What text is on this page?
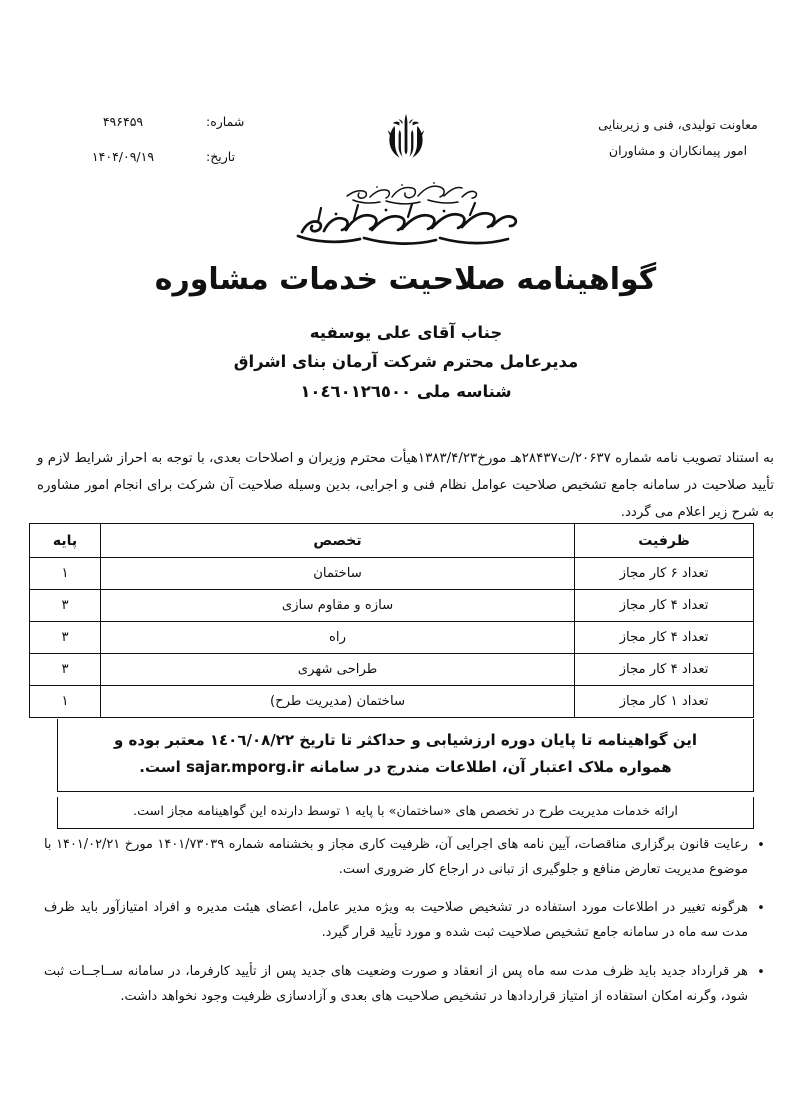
معاونت تولیدی، فنی و زیربنایی
امور پیمانکاران و مشاوران
شماره:
۴۹۶۴۵۹
تاریخ:
۱۴۰۴/۰۹/۱۹
گواهینامه صلاحیت خدمات مشاوره
جناب آقای علی یوسفیه
مدیرعامل محترم شرکت آرمان بنای اشراق
شناسه ملی ١٠٤٦٠١٢٦٥٠٠
به استناد تصویب نامه شماره ۲۰۶۳۷/ت۲۸۴۳۷هـ مورخ۱۳۸۳/۴/۲۳هیأت محترم وزیران و اصلاحات بعدی، با توجه به احراز شرایط لازم و تأیید صلاحیت در سامانه جامع تشخیص صلاحیت عوامل نظام فنی و اجرایی، بدین وسیله صلاحیت آن شرکت برای انجام امور مشاوره به شرح زیر اعلام می گردد.
ظرفیت	تخصص	پایه
تعداد ۶ کار مجاز	ساختمان	۱
تعداد ۴ کار مجاز	سازه و مقاوم سازی	۳
تعداد ۴ کار مجاز	راه	۳
تعداد ۴ کار مجاز	طراحی شهری	۳
تعداد ۱ کار مجاز	ساختمان (مدیریت طرح)	۱
این گواهینامه تا پایان دوره ارزشیابی و حداکثر تا تاریخ ١٤٠٦/٠٨/٢٢ معتبر بوده و
همواره ملاک اعتبار آن، اطلاعات مندرج در سامانه sajar.mporg.ir است.
ارائه خدمات مدیریت طرح در تخصص های «ساختمان» با پایه ۱ توسط دارنده این گواهینامه مجاز است.
•
رعایت قانون برگزاری مناقصات، آیین نامه های اجرایی آن، ظرفیت کاری مجاز و بخشنامه شماره ۱۴۰۱/۷۳۰۳۹ مورخ ۱۴۰۱/۰۲/۲۱ با موضوع مدیریت تعارض منافع و جلوگیری از تبانی در ارجاع کار ضروری است.
•
هرگونه تغییر در اطلاعات مورد استفاده در تشخیص صلاحیت به ویژه مدیر عامل، اعضای هیئت مدیره و افراد امتیازآور باید ظرف مدت سه ماه در سامانه جامع تشخیص صلاحیت ثبت شده و مورد تأیید قرار گیرد.
•
هر قرارداد جدید باید ظرف مدت سه ماه پس از انعقاد و صورت وضعیت های جدید پس از تأیید کارفرما، در سامانه ســاجــات ثبت شود، وگرنه امکان استفاده از امتیاز قراردادها در تشخیص صلاحیت های بعدی و آزادسازی ظرفیت وجود نخواهد داشت.
